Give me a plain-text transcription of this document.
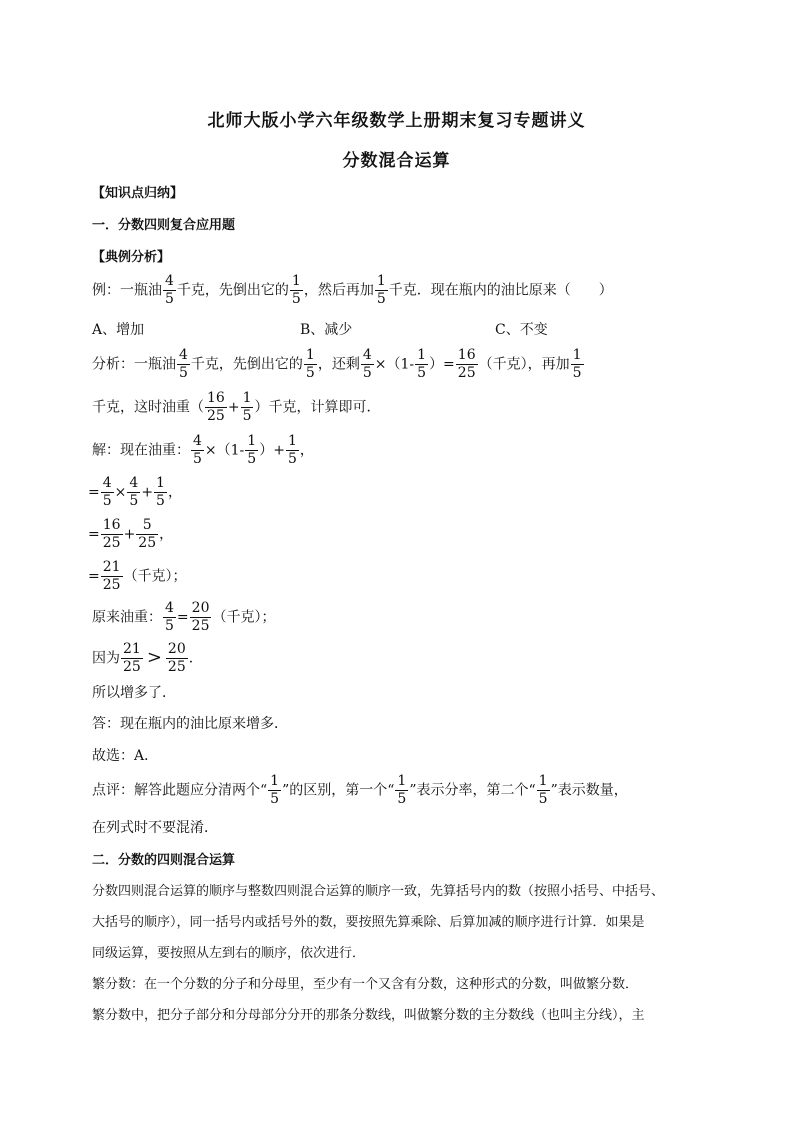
北师大版小学六年级数学上册期末复习专题讲义
分数混合运算
【知识点归纳】
一．分数四则复合应用题
【典例分析】
例：一瓶油 $\frac{4}{5}$ 千克，先倒出它的 $\frac{1}{5}$ ，然后再加 $\frac{1}{5}$ 千克．现在瓶内的油比原来（　　）
A、增加	B、减少	C、不变
分析：一瓶油 $\frac{4}{5}$ 千克，先倒出它的 $\frac{1}{5}$ ，还剩 $\frac{4}{5} \times(1- \frac{1}{5}$ ）= $\frac{16}{25}$ （千克），再加 $\frac{1}{5}$
千克，这时油重（ $\frac{16}{25} + \frac{1}{5}$ ）千克，计算即可．
解：现在油重： $\frac{4}{5} \times(1- \frac{1}{5}$ ）+ $\frac{1}{5}$ ，
= $\frac{4}{5} \times \frac{4}{5} + \frac{1}{5}$ ，
= $\frac{16}{25} + \frac{5}{25}$ ，
= $\frac{21}{25}$ （千克）；
原来油重： $\frac{4}{5} = \frac{20}{25}$ （千克）；
因为 $\frac{21}{25} > \frac{20}{25}$ ．
所以增多了．
答：现在瓶内的油比原来增多．
故选：A．
点评：解答此题应分清两个“ $\frac{1}{5}$ ”的区别，第一个“ $\frac{1}{5}$ ”表示分率，第二个“ $\frac{1}{5}$ ”表示数量，
在列式时不要混淆．
二．分数的四则混合运算
分数四则混合运算的顺序与整数四则混合运算的顺序一致，先算括号内的数（按照小括号、中括号、
大括号的顺序），同一括号内或括号外的数，要按照先算乘除、后算加减的顺序进行计算．如果是
同级运算，要按照从左到右的顺序，依次进行．
繁分数：在一个分数的分子和分母里，至少有一个又含有分数，这种形式的分数，叫做繁分数．
繁分数中，把分子部分和分母部分分开的那条分数线，叫做繁分数的主分数线（也叫主分线），主
